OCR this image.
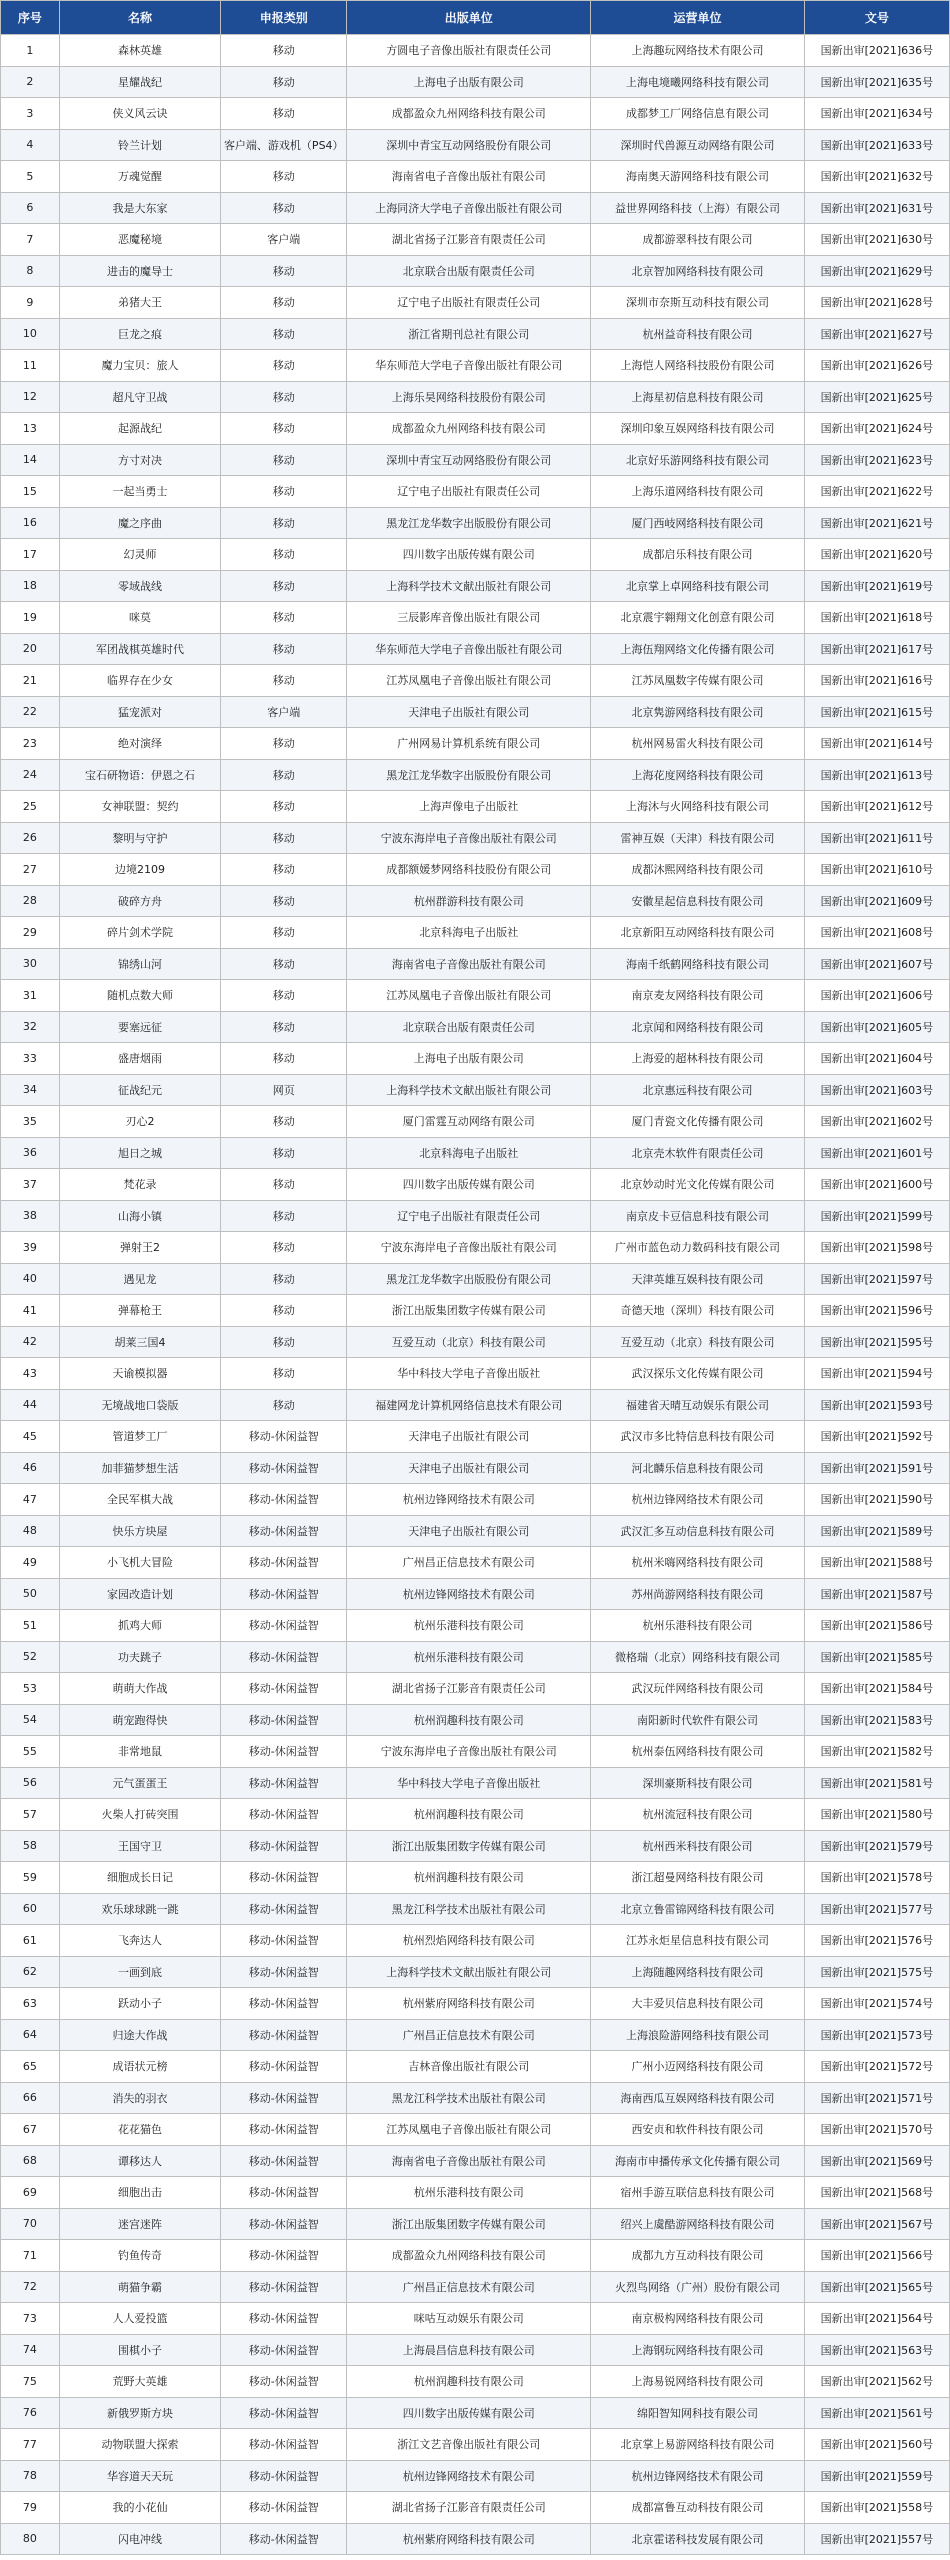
序号	名称	申报类别	出版单位	运营单位	文号
1	森林英雄	移动	方圆电子音像出版社有限责任公司	上海趣玩网络技术有限公司	国新出审[2021]636号
2	星耀战纪	移动	上海电子出版有限公司	上海电境曦网络科技有限公司	国新出审[2021]635号
3	侠义风云诀	移动	成都盈众九州网络科技有限公司	成都梦工厂网络信息有限公司	国新出审[2021]634号
4	铃兰计划	客户端、游戏机（PS4）	深圳中青宝互动网络股份有限公司	深圳时代兽源互动网络有限公司	国新出审[2021]633号
5	万魂觉醒	移动	海南省电子音像出版社有限公司	海南奥天游网络科技有限公司	国新出审[2021]632号
6	我是大东家	移动	上海同济大学电子音像出版社有限公司	益世界网络科技（上海）有限公司	国新出审[2021]631号
7	恶魔秘境	客户端	湖北省扬子江影音有限责任公司	成都游翠科技有限公司	国新出审[2021]630号
8	进击的魔导士	移动	北京联合出版有限责任公司	北京智加网络科技有限公司	国新出审[2021]629号
9	弟猪大王	移动	辽宁电子出版社有限责任公司	深圳市奈斯互动科技有限公司	国新出审[2021]628号
10	巨龙之痕	移动	浙江省期刊总社有限公司	杭州益奇科技有限公司	国新出审[2021]627号
11	魔力宝贝：旅人	移动	华东师范大学电子音像出版社有限公司	上海恺人网络科技股份有限公司	国新出审[2021]626号
12	超凡守卫战	移动	上海乐昊网络科技股份有限公司	上海星初信息科技有限公司	国新出审[2021]625号
13	起源战纪	移动	成都盈众九州网络科技有限公司	深圳印象互娱网络科技有限公司	国新出审[2021]624号
14	方寸对决	移动	深圳中青宝互动网络股份有限公司	北京好乐游网络科技有限公司	国新出审[2021]623号
15	一起当勇士	移动	辽宁电子出版社有限责任公司	上海乐道网络科技有限公司	国新出审[2021]622号
16	魔之序曲	移动	黑龙江龙华数字出版股份有限公司	厦门西岐网络科技有限公司	国新出审[2021]621号
17	幻灵师	移动	四川数字出版传媒有限公司	成都启乐科技有限公司	国新出审[2021]620号
18	零域战线	移动	上海科学技术文献出版社有限公司	北京掌上卓网络科技有限公司	国新出审[2021]619号
19	咪莫	移动	三辰影库音像出版社有限公司	北京震宇翱翔文化创意有限公司	国新出审[2021]618号
20	军团战棋英雄时代	移动	华东师范大学电子音像出版社有限公司	上海伍翔网络文化传播有限公司	国新出审[2021]617号
21	临界存在少女	移动	江苏凤凰电子音像出版社有限公司	江苏凤凰数字传媒有限公司	国新出审[2021]616号
22	猛宠派对	客户端	天津电子出版社有限公司	北京隽游网络科技有限公司	国新出审[2021]615号
23	绝对演绎	移动	广州网易计算机系统有限公司	杭州网易雷火科技有限公司	国新出审[2021]614号
24	宝石研物语：伊恩之石	移动	黑龙江龙华数字出版股份有限公司	上海花度网络科技有限公司	国新出审[2021]613号
25	女神联盟：契约	移动	上海声像电子出版社	上海沐与火网络科技有限公司	国新出审[2021]612号
26	黎明与守护	移动	宁波东海岸电子音像出版社有限公司	雷神互娱（天津）科技有限公司	国新出审[2021]611号
27	边境2109	移动	成都额媛梦网络科技股份有限公司	成都沐熙网络科技有限公司	国新出审[2021]610号
28	破碎方舟	移动	杭州群游科技有限公司	安徽星起信息科技有限公司	国新出审[2021]609号
29	碎片剑术学院	移动	北京科海电子出版社	北京新阳互动网络科技有限公司	国新出审[2021]608号
30	锦绣山河	移动	海南省电子音像出版社有限公司	海南千纸鹤网络科技有限公司	国新出审[2021]607号
31	随机点数大师	移动	江苏凤凰电子音像出版社有限公司	南京麦友网络科技有限公司	国新出审[2021]606号
32	要塞远征	移动	北京联合出版有限责任公司	北京闻和网络科技有限公司	国新出审[2021]605号
33	盛唐烟雨	移动	上海电子出版有限公司	上海爱的超林科技有限公司	国新出审[2021]604号
34	征战纪元	网页	上海科学技术文献出版社有限公司	北京惠远科技有限公司	国新出审[2021]603号
35	刃心2	移动	厦门雷霆互动网络有限公司	厦门青瓷文化传播有限公司	国新出审[2021]602号
36	旭日之城	移动	北京科海电子出版社	北京壳木软件有限责任公司	国新出审[2021]601号
37	梵花录	移动	四川数字出版传媒有限公司	北京妙动时光文化传媒有限公司	国新出审[2021]600号
38	山海小镇	移动	辽宁电子出版社有限责任公司	南京皮卡豆信息科技有限公司	国新出审[2021]599号
39	弹射王2	移动	宁波东海岸电子音像出版社有限公司	广州市蓝色动力数码科技有限公司	国新出审[2021]598号
40	遇见龙	移动	黑龙江龙华数字出版股份有限公司	天津英雄互娱科技有限公司	国新出审[2021]597号
41	弹幕枪王	移动	浙江出版集团数字传媒有限公司	奇德天地（深圳）科技有限公司	国新出审[2021]596号
42	胡莱三国4	移动	互爱互动（北京）科技有限公司	互爱互动（北京）科技有限公司	国新出审[2021]595号
43	天谕模拟器	移动	华中科技大学电子音像出版社	武汉探乐文化传媒有限公司	国新出审[2021]594号
44	无境战地口袋版	移动	福建网龙计算机网络信息技术有限公司	福建省天晴互动娱乐有限公司	国新出审[2021]593号
45	管道梦工厂	移动-休闲益智	天津电子出版社有限公司	武汉市多比特信息科技有限公司	国新出审[2021]592号
46	加菲猫梦想生活	移动-休闲益智	天津电子出版社有限公司	河北麟乐信息科技有限公司	国新出审[2021]591号
47	全民军棋大战	移动-休闲益智	杭州边锋网络技术有限公司	杭州边锋网络技术有限公司	国新出审[2021]590号
48	快乐方块屋	移动-休闲益智	天津电子出版社有限公司	武汉汇多互动信息科技有限公司	国新出审[2021]589号
49	小飞机大冒险	移动-休闲益智	广州昌正信息技术有限公司	杭州米嗨网络科技有限公司	国新出审[2021]588号
50	家园改造计划	移动-休闲益智	杭州边锋网络技术有限公司	苏州尚游网络科技有限公司	国新出审[2021]587号
51	抓鸡大师	移动-休闲益智	杭州乐港科技有限公司	杭州乐港科技有限公司	国新出审[2021]586号
52	功夫跳子	移动-休闲益智	杭州乐港科技有限公司	微格瑞（北京）网络科技有限公司	国新出审[2021]585号
53	萌萌大作战	移动-休闲益智	湖北省扬子江影音有限责任公司	武汉玩伴网络科技有限公司	国新出审[2021]584号
54	萌宠跑得快	移动-休闲益智	杭州润趣科技有限公司	南阳新时代软件有限公司	国新出审[2021]583号
55	非常地鼠	移动-休闲益智	宁波东海岸电子音像出版社有限公司	杭州泰伍网络科技有限公司	国新出审[2021]582号
56	元气蛋蛋王	移动-休闲益智	华中科技大学电子音像出版社	深圳豪斯科技有限公司	国新出审[2021]581号
57	火柴人打砖突围	移动-休闲益智	杭州润趣科技有限公司	杭州流冠科技有限公司	国新出审[2021]580号
58	王国守卫	移动-休闲益智	浙江出版集团数字传媒有限公司	杭州西米科技有限公司	国新出审[2021]579号
59	细胞成长日记	移动-休闲益智	杭州润趣科技有限公司	浙江超曼网络科技有限公司	国新出审[2021]578号
60	欢乐球球跳一跳	移动-休闲益智	黑龙江科学技术出版社有限公司	北京立鲁雷锦网络科技有限公司	国新出审[2021]577号
61	飞奔达人	移动-休闲益智	杭州烈焰网络科技有限公司	江苏永炬星信息科技有限公司	国新出审[2021]576号
62	一画到底	移动-休闲益智	上海科学技术文献出版社有限公司	上海随趣网络科技有限公司	国新出审[2021]575号
63	跃动小子	移动-休闲益智	杭州紫府网络科技有限公司	大丰爱贝信息科技有限公司	国新出审[2021]574号
64	归途大作战	移动-休闲益智	广州昌正信息技术有限公司	上海浪险游网络科技有限公司	国新出审[2021]573号
65	成语状元榜	移动-休闲益智	吉林音像出版社有限公司	广州小迈网络科技有限公司	国新出审[2021]572号
66	消失的羽衣	移动-休闲益智	黑龙江科学技术出版社有限公司	海南西瓜互娱网络科技有限公司	国新出审[2021]571号
67	花花猫色	移动-休闲益智	江苏凤凰电子音像出版社有限公司	西安贞和软件科技有限公司	国新出审[2021]570号
68	谭移达人	移动-休闲益智	海南省电子音像出版社有限公司	海南市申播传承文化传播有限公司	国新出审[2021]569号
69	细胞出击	移动-休闲益智	杭州乐港科技有限公司	宿州手游互联信息科技有限公司	国新出审[2021]568号
70	迷宫迷阵	移动-休闲益智	浙江出版集团数字传媒有限公司	绍兴上虞酷游网络科技有限公司	国新出审[2021]567号
71	钓鱼传奇	移动-休闲益智	成都盈众九州网络科技有限公司	成都九方互动科技有限公司	国新出审[2021]566号
72	萌猫争霸	移动-休闲益智	广州昌正信息技术有限公司	火烈鸟网络（广州）股份有限公司	国新出审[2021]565号
73	人人爱投篮	移动-休闲益智	咪咕互动娱乐有限公司	南京极构网络科技有限公司	国新出审[2021]564号
74	围棋小子	移动-休闲益智	上海晨昌信息科技有限公司	上海钢玩网络科技有限公司	国新出审[2021]563号
75	荒野大英雄	移动-休闲益智	杭州润趣科技有限公司	上海易锐网络科技有限公司	国新出审[2021]562号
76	新俄罗斯方块	移动-休闲益智	四川数字出版传媒有限公司	绵阳智知网科技有限公司	国新出审[2021]561号
77	动物联盟大探索	移动-休闲益智	浙江文艺音像出版社有限公司	北京掌上易游网络科技有限公司	国新出审[2021]560号
78	华容道天天玩	移动-休闲益智	杭州边锋网络技术有限公司	杭州边锋网络技术有限公司	国新出审[2021]559号
79	我的小花仙	移动-休闲益智	湖北省扬子江影音有限责任公司	成都富鲁互动科技有限公司	国新出审[2021]558号
80	闪电冲线	移动-休闲益智	杭州紫府网络科技有限公司	北京霍诺科技发展有限公司	国新出审[2021]557号
